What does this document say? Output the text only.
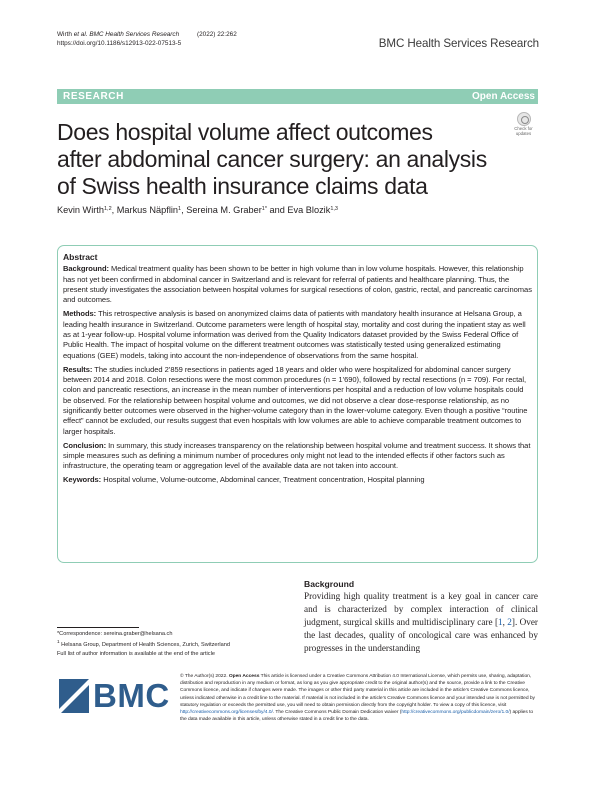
Wirth et al. BMC Health Services Research	(2022) 22:262
https://doi.org/10.1186/s12913-022-07513-5	BMC Health Services Research
RESEARCH	Open Access
Does hospital volume affect outcomes
after abdominal cancer surgery: an analysis
of Swiss health insurance claims data
Check for
updates
Kevin Wirth$^{1,2}$, Markus Näpflin$^1$, Sereina M. Graber$^{1*}$ and Eva Blozik$^{1,3}$
Abstract

Background: Medical treatment quality has been shown to be better in high volume than in low volume hospitals. However, this relationship has not yet been confirmed in abdominal cancer in Switzerland and is relevant for referral of patients and healthcare planning. Thus, the present study investigates the association between hospital volumes for surgical resections of colon, gastric, rectal, and pancreatic carcinomas and outcomes.

Methods: This retrospective analysis is based on anonymized claims data of patients with mandatory health insurance at Helsana Group, a leading health insurance in Switzerland. Outcome parameters were length of hospital stay, mortality and cost during the inpatient stay as well as at 1-year follow-up. Hospital volume information was derived from the Quality Indicators dataset provided by the Swiss Federal Office of Public Health. The impact of hospital volume on the different treatment outcomes was statistically tested using generalized estimating equations (GEE) models, taking into account the non-independence of observations from the same hospital.

Results: The studies included 2’859 resections in patients aged 18 years and older who were hospitalized for abdominal cancer surgery between 2014 and 2018. Colon resections were the most common procedures (n = 1’690), followed by rectal resections (n = 709). For rectal, colon and pancreatic resections, an increase in the mean number of interventions per hospital and a reduction of low volume hospitals could be observed. For the relationship between hospital volume and outcomes, we did not observe a clear dose-response relationship, as no significantly better outcomes were observed in the higher-volume category than in the lower-volume category. Even though a positive “routine effect” cannot be excluded, our results suggest that even hospitals with low volumes are able to achieve comparable treatment outcomes to larger hospitals.

Conclusion: In summary, this study increases transparency on the relationship between hospital volume and treatment success. It shows that simple measures such as defining a minimum number of procedures only might not lead to the intended effects if other factors such as infrastructure, the operating team or aggregation level of the available data are not taken into account.

Keywords: Hospital volume, Volume-outcome, Abdominal cancer, Treatment concentration, Hospital planning

Background
Providing high quality treatment is a key goal in cancer care and is characterized by complex interaction of clinical judgment, surgical skills and multidisciplinary care [1, 2]. Over the last decades, quality of oncological care was enhanced by progresses in the understanding
*Correspondence: sereina.graber@helsana.ch
$^1$ Helsana Group, Department of Health Sciences, Zurich, Switzerland
Full list of author information is available at the end of the article
BMC
© The Author(s) 2022. Open Access This article is licensed under a Creative Commons Attribution 4.0 International License, which permits use, sharing, adaptation, distribution and reproduction in any medium or format, as long as you give appropriate credit to the original author(s) and the source, provide a link to the Creative Commons licence, and indicate if changes were made. The images or other third party material in this article are included in the article’s Creative Commons licence, unless indicated otherwise in a credit line to the material. If material is not included in the article’s Creative Commons licence and your intended use is not permitted by statutory regulation or exceeds the permitted use, you will need to obtain permission directly from the copyright holder. To view a copy of this licence, visit http://creativecommons.org/licenses/by/4.0/. The Creative Commons Public Domain Dedication waiver (http://creativecommons.org/publicdomain/zero/1.0/) applies to the data made available in this article, unless otherwise stated in a credit line to the data.
